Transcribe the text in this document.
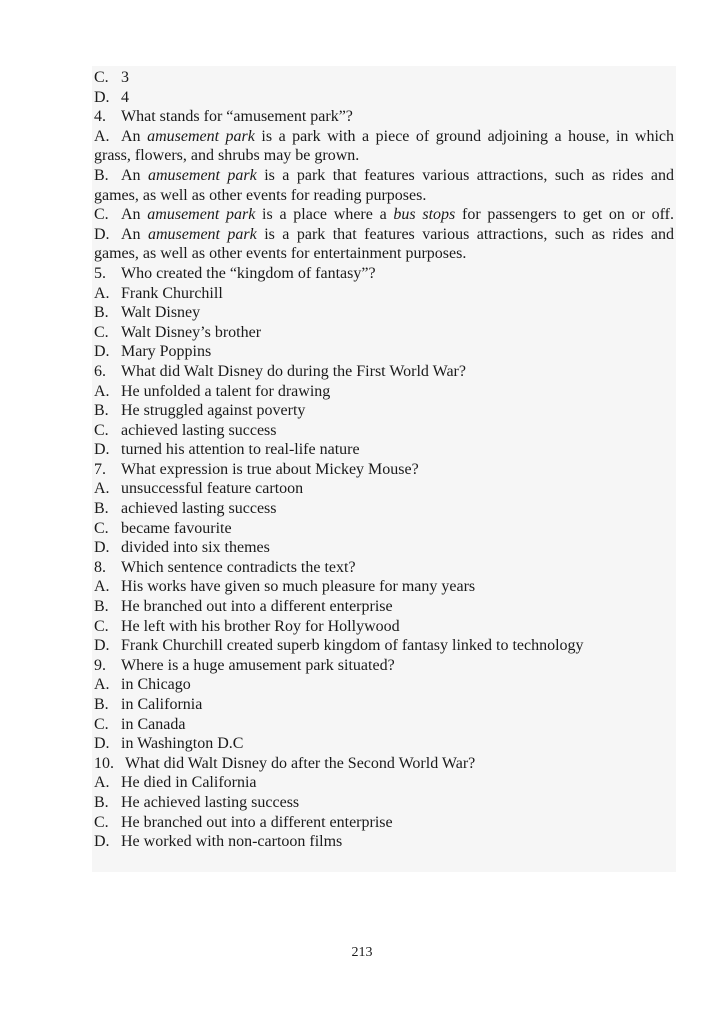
C. 3
D. 4
4. What stands for “amusement park”?
A. An amusement park is a park with a piece of ground adjoining a house, in which
grass, flowers, and shrubs may be grown.
B. An amusement park is a park that features various attractions, such as rides and
games, as well as other events for reading purposes.
C. An amusement park is a place where a bus stops for passengers to get on or off.
D. An amusement park is a park that features various attractions, such as rides and
games, as well as other events for entertainment purposes.
5. Who created the “kingdom of fantasy”?
A. Frank Churchill
B. Walt Disney
C. Walt Disney’s brother
D. Mary Poppins
6. What did Walt Disney do during the First World War?
A. He unfolded a talent for drawing
B. He struggled against poverty
C. achieved lasting success
D. turned his attention to real-life nature
7. What expression is true about Mickey Mouse?
A. unsuccessful feature cartoon
B. achieved lasting success
C. became favourite
D. divided into six themes
8. Which sentence contradicts the text?
A. His works have given so much pleasure for many years
B. He branched out into a different enterprise
C. He left with his brother Roy for Hollywood
D. Frank Churchill created superb kingdom of fantasy linked to technology
9. Where is a huge amusement park situated?
A. in Chicago
B. in California
C. in Canada
D. in Washington D.C
10. What did Walt Disney do after the Second World War?
A. He died in California
B. He achieved lasting success
C. He branched out into a different enterprise
D. He worked with non-cartoon films
213
